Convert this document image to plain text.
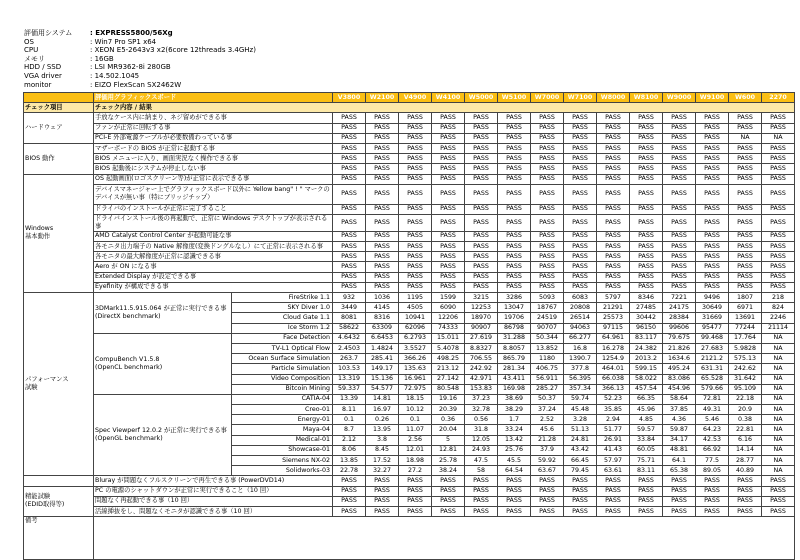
評価用システム	: EXPRESS5800/56Xg
OS	: Win7 Pro SP1 x64
CPU	: XEON E5-2643v3 x2(6core 12threads 3.4GHz)
メモリ	: 16GB
HDD / SSD	: LSI MR9362-8i 280GB
VGA driver	: 14.502.1045
monitor	: EIZO FlexScan SX2462W
	評価用グラフィックスボード		V3800	W2100	V4900	W4100	W5000	W5100	W7000	W7100	W8000	W8100	W9000	W9100	W600	2270
チェック項目	チェック内容 / 結果															
ハードウェア	手放なケース内に納まり、ネジ留めができる事		PASS	PASS	PASS	PASS	PASS	PASS	PASS	PASS	PASS	PASS	PASS	PASS	PASS	PASS
	ファンが正常に回転する事		PASS	PASS	PASS	PASS	PASS	PASS	PASS	PASS	PASS	PASS	PASS	PASS	PASS	PASS
	PCI-E 外部電源ケーブルが必要数備わっている事		PASS	PASS	PASS	PASS	PASS	PASS	PASS	PASS	PASS	PASS	PASS	PASS	NA	NA
BIOS 動作	マザーボードの BIOS が正常に起動する事		PASS	PASS	PASS	PASS	PASS	PASS	PASS	PASS	PASS	PASS	PASS	PASS	PASS	PASS
	BIOS メニューに入り、画面実況なく操作できる事		PASS	PASS	PASS	PASS	PASS	PASS	PASS	PASS	PASS	PASS	PASS	PASS	PASS	PASS
	BIOS 起動後にシステムが停止しない事		PASS	PASS	PASS	PASS	PASS	PASS	PASS	PASS	PASS	PASS	PASS	PASS	PASS	PASS
Windows
基本動作	OS 起動画面(ロゴスクリーン等)が正常に表示できる事		PASS	PASS	PASS	PASS	PASS	PASS	PASS	PASS	PASS	PASS	PASS	PASS	PASS	PASS
	デバイスマネージャー上でグラフィックスボード以外に Yellow bang" ! " マークのデバイスが無い事（特にブリッジチップ）		PASS	PASS	PASS	PASS	PASS	PASS	PASS	PASS	PASS	PASS	PASS	PASS	PASS	PASS
	ドライバのインストールが正常に完了すること		PASS	PASS	PASS	PASS	PASS	PASS	PASS	PASS	PASS	PASS	PASS	PASS	PASS	PASS
	ドライバインストール後の再起動で、正常に Windows デスクトップが表示される事		PASS	PASS	PASS	PASS	PASS	PASS	PASS	PASS	PASS	PASS	PASS	PASS	PASS	PASS
	AMD Catalyst Control Center が起動可能な事		PASS	PASS	PASS	PASS	PASS	PASS	PASS	PASS	PASS	PASS	PASS	PASS	PASS	PASS
	各モニタ出力端子の Native 解像度(変換ドングルなし）にて正常に表示される事		PASS	PASS	PASS	PASS	PASS	PASS	PASS	PASS	PASS	PASS	PASS	PASS	PASS	PASS
	各モニタの最大解像度が正常に認識できる事		PASS	PASS	PASS	PASS	PASS	PASS	PASS	PASS	PASS	PASS	PASS	PASS	PASS	PASS
	Aero が ON になる事		PASS	PASS	PASS	PASS	PASS	PASS	PASS	PASS	PASS	PASS	PASS	PASS	PASS	PASS
	Extended Display が設定できる事		PASS	PASS	PASS	PASS	PASS	PASS	PASS	PASS	PASS	PASS	PASS	PASS	PASS	PASS
	Eyefinity が構成できる事		PASS	PASS	PASS	PASS	PASS	PASS	PASS	PASS	PASS	PASS	PASS	PASS	PASS	PASS
パフォーマンス
試験	3DMark11.5.915.064 が正常に実行できる事
(DirectX benchmark)	FireStrike 1.1	932	1036	1195	1599	3215	3286	5093	6083	5797	8346	7221	9496	1807	218
		SKY Diver 1.0	3449	4145	4505	6090	12253	13047	18767	20808	21291	27485	24175	30649	6971	824
		Cloud Gate 1.1	8081	8316	10941	12206	18970	19706	24519	26514	25573	30442	28384	31669	13691	2246
		Ice Storm 1.2	58622	63309	62096	74333	90907	86798	90707	94063	97115	96150	99606	95477	77244	21114
	CompuBench V1.5.8
(OpenCL benchmark)	Face Detection	4.6432	6.6453	6.2793	15.011	27.619	31.288	50.344	66.277	64.961	83.117	79.675	99.468	17.764	NA
		TV-L1 Optical Flow	2.4503	1.4824	3.5527	5.4078	8.8327	8.8057	13.852	16.8	16.278	24.382	21.826	27.683	5.9828	NA
		Ocean Surface Simulation	263.7	285.41	366.26	498.25	706.55	865.79	1180	1390.7	1254.9	2013.2	1634.6	2121.2	575.13	NA
		Particle Simulation	103.53	149.17	135.63	213.12	242.92	281.34	406.75	377.8	464.01	599.15	495.24	631.31	242.62	NA
		Video Composition	13.319	15.136	16.961	27.142	42.971	43.411	56.911	56.395	66.038	58.022	83.086	65.528	31.642	NA
		Bitcoin Mining	59.337	54.577	72.975	80.548	153.83	169.98	285.27	357.34	366.13	457.54	454.96	579.66	95.109	NA
	Spec Viewperf 12.0.2 が正常に実行できる事
(OpenGL benchmark)	CATIA-04	13.39	14.81	18.15	19.16	37.23	38.69	50.37	59.74	52.23	66.35	58.64	72.81	22.18	NA
		Creo-01	8.11	16.97	10.12	20.39	32.78	38.29	37.24	45.48	35.85	45.96	37.85	49.31	20.9	NA
		Energy-01	0.1	0.26	0.1	0.36	0.56	1.7	2.52	3.28	2.94	4.85	4.36	5.46	0.38	NA
		Maya-04	8.7	13.95	11.07	20.04	31.8	33.24	45.6	51.13	51.77	59.57	59.87	64.23	22.81	NA
		Medical-01	2.12	3.8	2.56	5	12.05	13.42	21.28	24.81	26.91	33.84	34.17	42.53	6.16	NA
		Showcase-01	8.06	8.45	12.01	12.81	24.93	25.76	37.9	43.42	41.43	60.05	48.81	66.92	14.14	NA
		Siemens NX-02	13.85	17.52	18.98	25.78	47.5	45.5	59.92	66.45	57.97	75.71	64.1	77.5	28.77	NA
		Solidworks-03	22.78	32.27	27.2	38.24	58	64.54	63.67	79.45	63.61	83.11	65.38	89.05	40.89	NA
	Bluray が問題なくフルスクリーンで再生できる事 (PowerDVD14)		PASS	PASS	PASS	PASS	PASS	PASS	PASS	PASS	PASS	PASS	PASS	PASS	PASS	PASS
精能試験
(EDID取得等)	PC の電源のシャットダウンが正常に実行できること（10 回）		PASS	PASS	PASS	PASS	PASS	PASS	PASS	PASS	PASS	PASS	PASS	PASS	PASS	PASS
	問題なく再起動できる事（10 回）		PASS	PASS	PASS	PASS	PASS	PASS	PASS	PASS	PASS	PASS	PASS	PASS	PASS	PASS
	活線挿抜をし、問題なくモニタが認識できる事（10 回）		PASS	PASS	PASS	PASS	PASS	PASS	PASS	PASS	PASS	PASS	PASS	PASS	PASS	PASS
備考																
